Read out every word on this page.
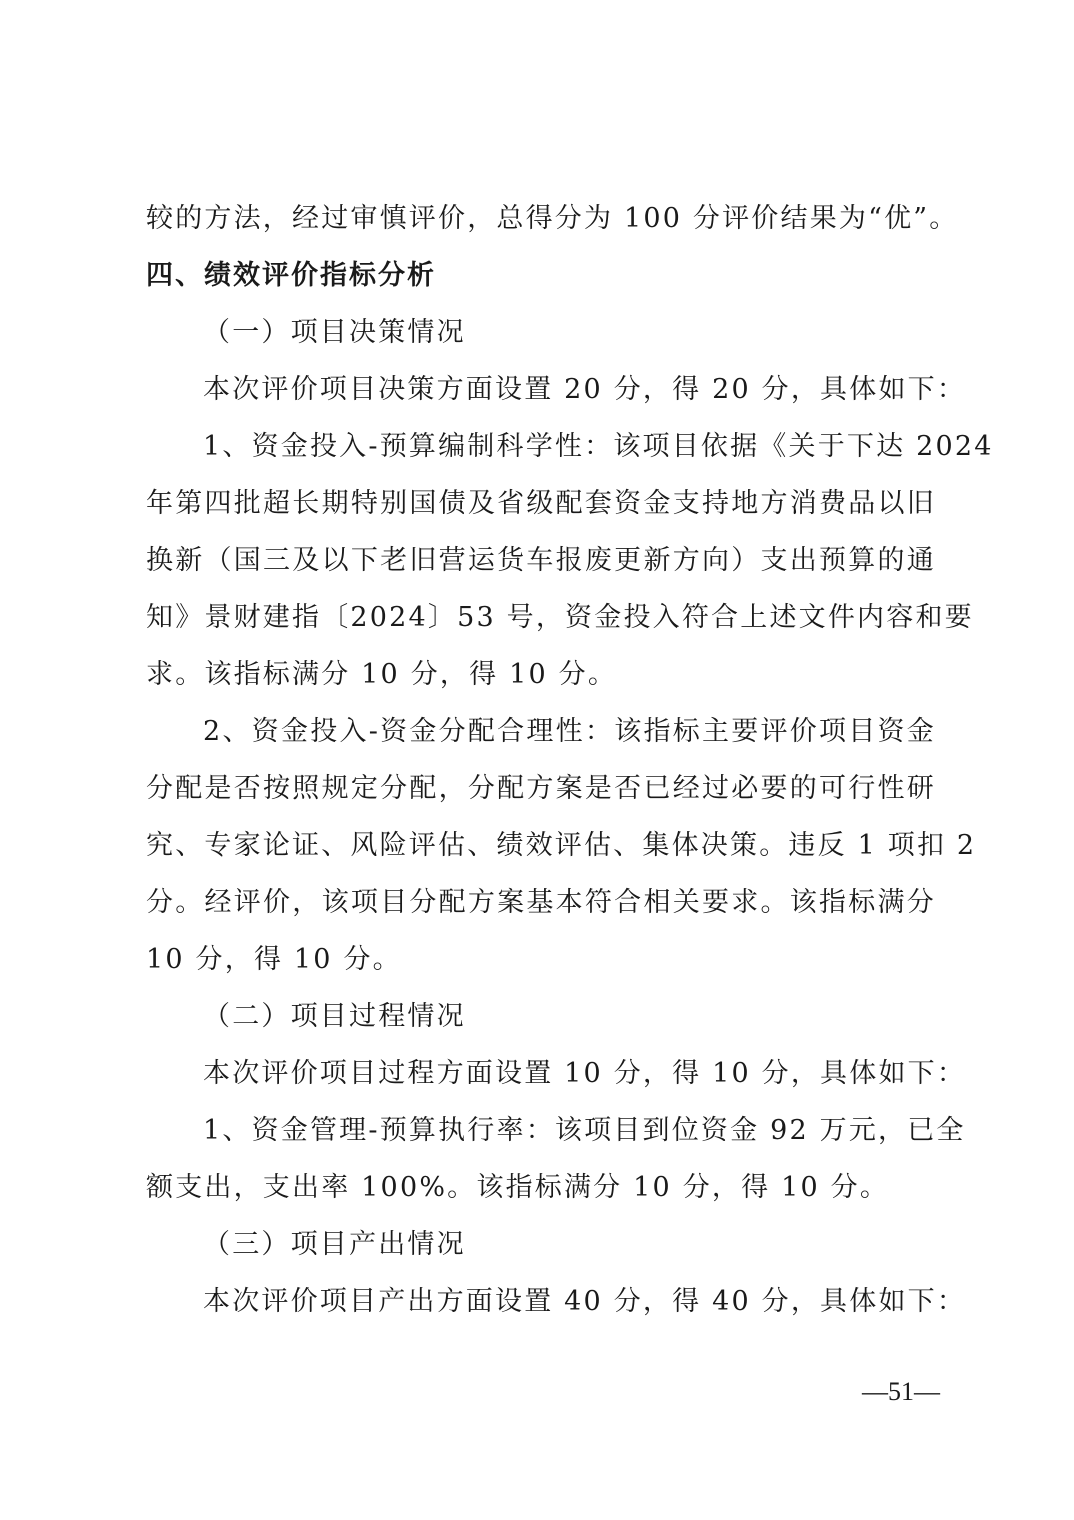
较的方法，经过审慎评价，总得分为 100 分评价结果为“优”。
四、绩效评价指标分析
（一）项目决策情况
本次评价项目决策方面设置 20 分，得 20 分，具体如下：
1、资金投入-预算编制科学性：该项目依据《关于下达 2024
年第四批超长期特别国债及省级配套资金支持地方消费品以旧
换新（国三及以下老旧营运货车报废更新方向）支出预算的通
知》景财建指〔2024〕53 号，资金投入符合上述文件内容和要
求。该指标满分 10 分，得 10 分。
2、资金投入-资金分配合理性：该指标主要评价项目资金
分配是否按照规定分配，分配方案是否已经过必要的可行性研
究、专家论证、风险评估、绩效评估、集体决策。违反 1 项扣 2
分。经评价，该项目分配方案基本符合相关要求。该指标满分
10 分，得 10 分。
（二）项目过程情况
本次评价项目过程方面设置 10 分，得 10 分，具体如下：
1、资金管理-预算执行率：该项目到位资金 92 万元，已全
额支出，支出率 100%。该指标满分 10 分，得 10 分。
（三）项目产出情况
本次评价项目产出方面设置 40 分，得 40 分，具体如下：
—51—
